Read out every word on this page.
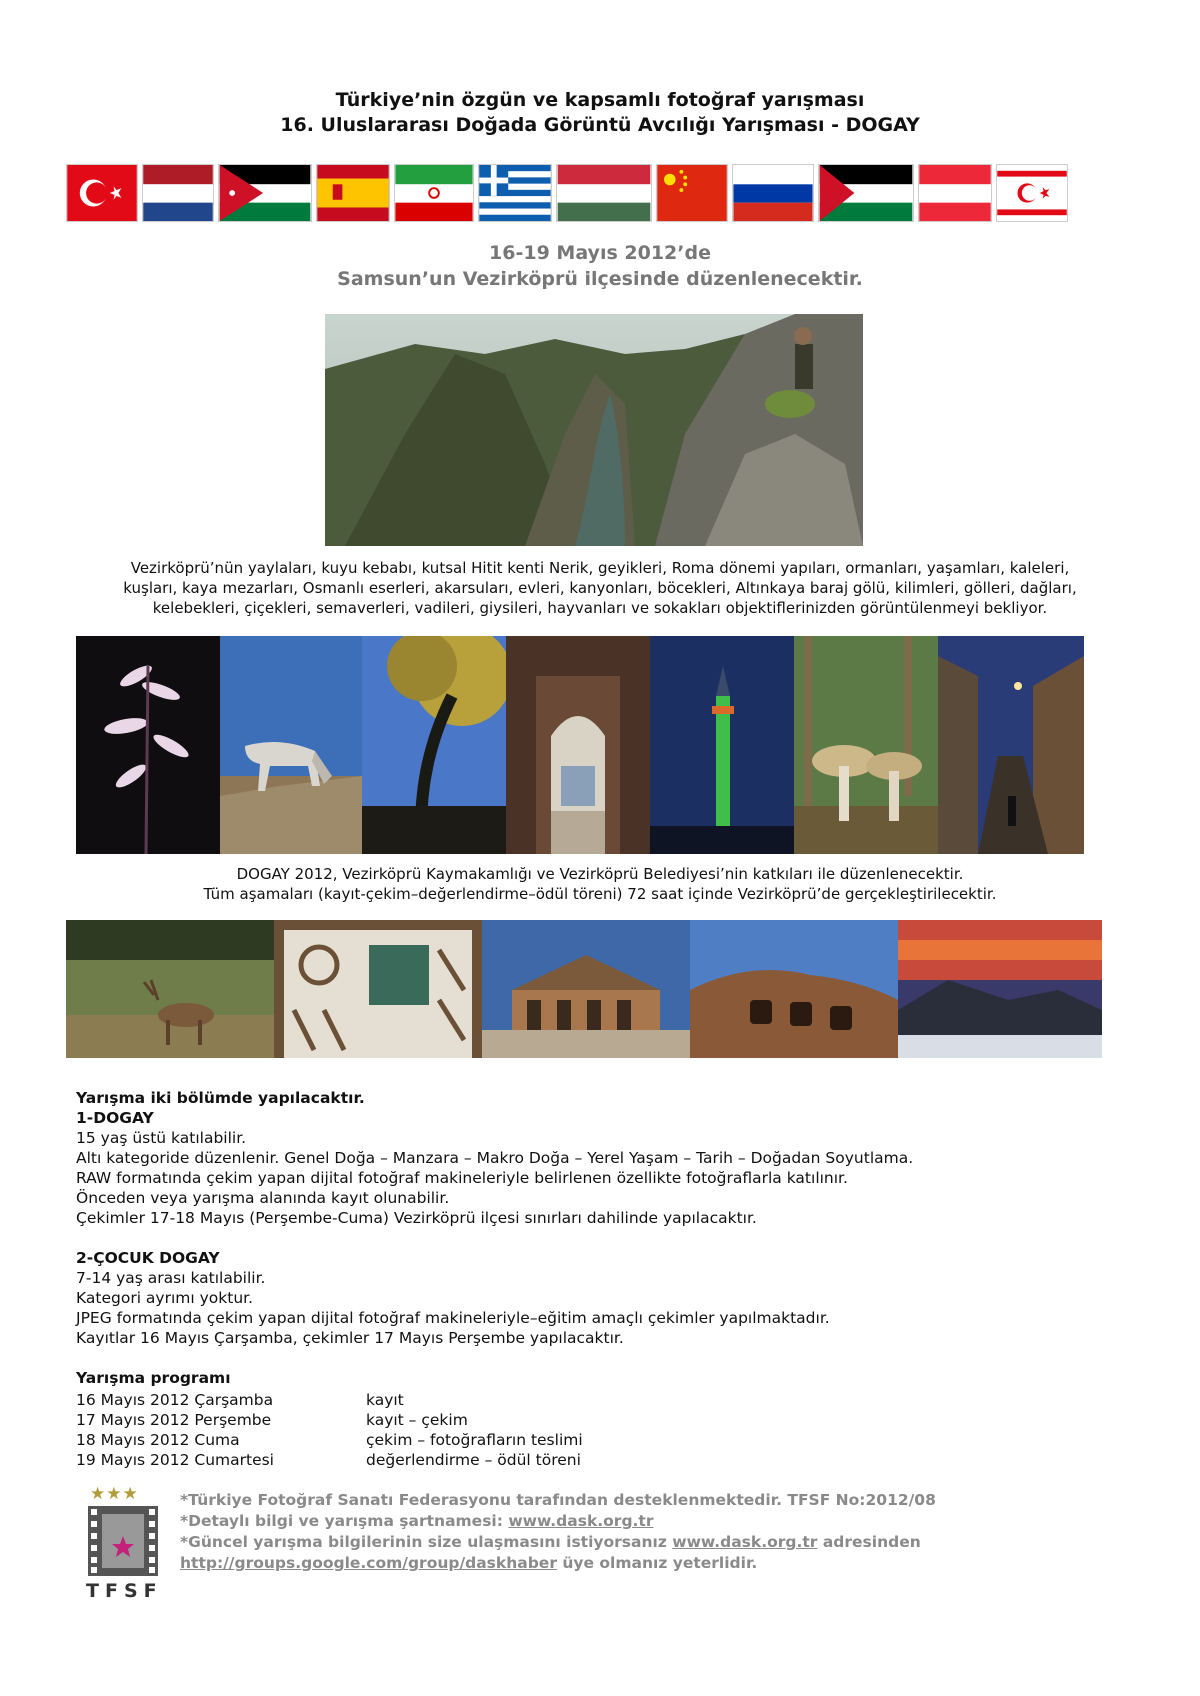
Türkiye’nin özgün ve kapsamlı fotoğraf yarışması
16. Uluslararası Doğada Görüntü Avcılığı Yarışması - DOGAY
16-19 Mayıs 2012’de
Samsun’un Vezirköprü ilçesinde düzenlenecektir.
Vezirköprü’nün yaylaları, kuyu kebabı, kutsal Hitit kenti Nerik, geyikleri, Roma dönemi yapıları, ormanları, yaşamları, kaleleri,
kuşları, kaya mezarları, Osmanlı eserleri, akarsuları, evleri, kanyonları, böcekleri, Altınkaya baraj gölü, kilimleri, gölleri, dağları,
kelebekleri, çiçekleri, semaverleri, vadileri, giysileri, hayvanları ve sokakları objektiflerinizden görüntülenmeyi bekliyor.
DOGAY 2012, Vezirköprü Kaymakamlığı ve Vezirköprü Belediyesi’nin katkıları ile düzenlenecektir.
Tüm aşamaları (kayıt-çekim–değerlendirme–ödül töreni) 72 saat içinde Vezirköprü’de gerçekleştirilecektir.
Yarışma iki bölümde yapılacaktır.
1-DOGAY
15 yaş üstü katılabilir.
Altı kategoride düzenlenir. Genel Doğa – Manzara – Makro Doğa – Yerel Yaşam – Tarih – Doğadan Soyutlama.
RAW formatında çekim yapan dijital fotoğraf makineleriyle belirlenen özellikte fotoğraflarla katılınır.
Önceden veya yarışma alanında kayıt olunabilir.
Çekimler 17-18 Mayıs (Perşembe-Cuma) Vezirköprü ilçesi sınırları dahilinde yapılacaktır.
2-ÇOCUK DOGAY
7-14 yaş arası katılabilir.
Kategori ayrımı yoktur.
JPEG formatında çekim yapan dijital fotoğraf makineleriyle–eğitim amaçlı çekimler yapılmaktadır.
Kayıtlar 16 Mayıs Çarşamba, çekimler 17 Mayıs Perşembe yapılacaktır.
Yarışma programı
16 Mayıs 2012 Çarşamba	kayıt
17 Mayıs 2012 Perşembe	kayıt – çekim
18 Mayıs 2012 Cuma	çekim – fotoğrafların teslimi
19 Mayıs 2012 Cumartesi	değerlendirme – ödül töreni
★★★
TFSF
*Türkiye Fotoğraf Sanatı Federasyonu tarafından desteklenmektedir. TFSF No:2012/08
*Detaylı bilgi ve yarışma şartnamesi: www.dask.org.tr
*Güncel yarışma bilgilerinin size ulaşmasını istiyorsanız www.dask.org.tr adresinden
http://groups.google.com/group/daskhaber üye olmanız yeterlidir.
